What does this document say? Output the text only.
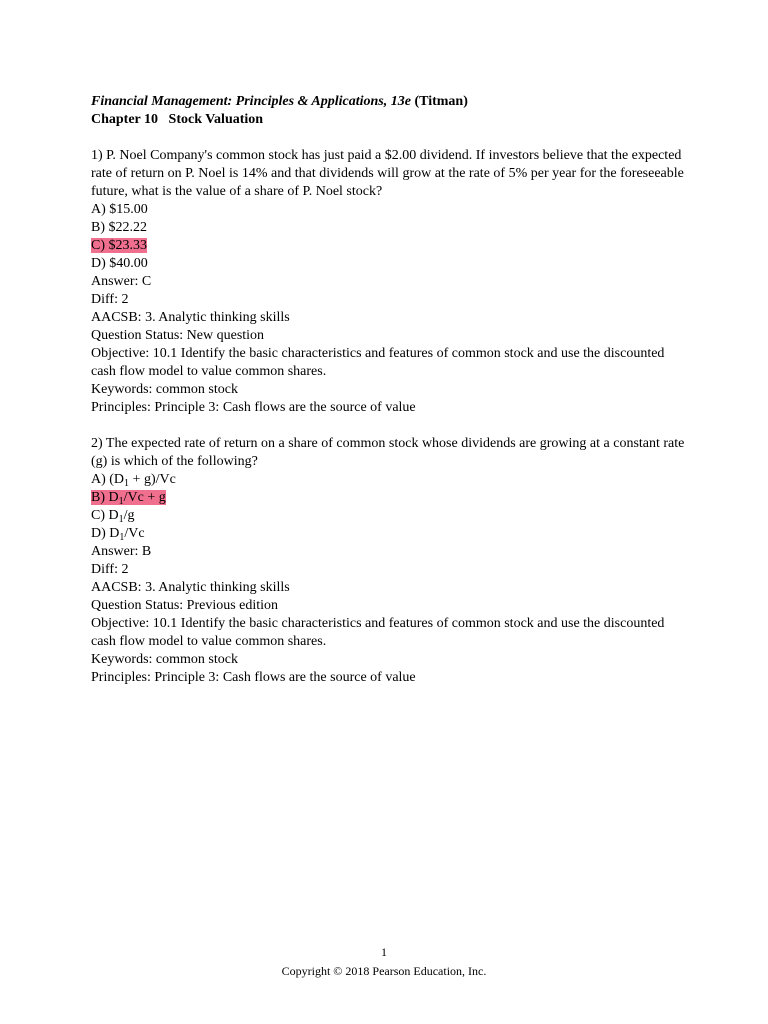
Financial Management: Principles & Applications, 13e (Titman)

Chapter 10 Stock Valuation

1) P. Noel Company's common stock has just paid a $2.00 dividend. If investors believe that the expected rate of return on P. Noel is 14% and that dividends will grow at the rate of 5% per year for the foreseeable future, what is the value of a share of P. Noel stock?

A) $15.00

B) $22.22

C) $23.33

D) $40.00

Answer: C

Diff: 2

AACSB: 3. Analytic thinking skills

Question Status: New question

Objective: 10.1 Identify the basic characteristics and features of common stock and use the discounted cash flow model to value common shares.

Keywords: common stock

Principles: Principle 3: Cash flows are the source of value

2) The expected rate of return on a share of common stock whose dividends are growing at a constant rate (g) is which of the following?

A) $(D_1 + g)/Vc$

B) $D_1/Vc + g$

C) $D_1/g$

D) $D_1/Vc$

Answer: B

Diff: 2

AACSB: 3. Analytic thinking skills

Question Status: Previous edition

Objective: 10.1 Identify the basic characteristics and features of common stock and use the discounted cash flow model to value common shares.

Keywords: common stock

Principles: Principle 3: Cash flows are the source of value

1
Copyright © 2018 Pearson Education, Inc.
